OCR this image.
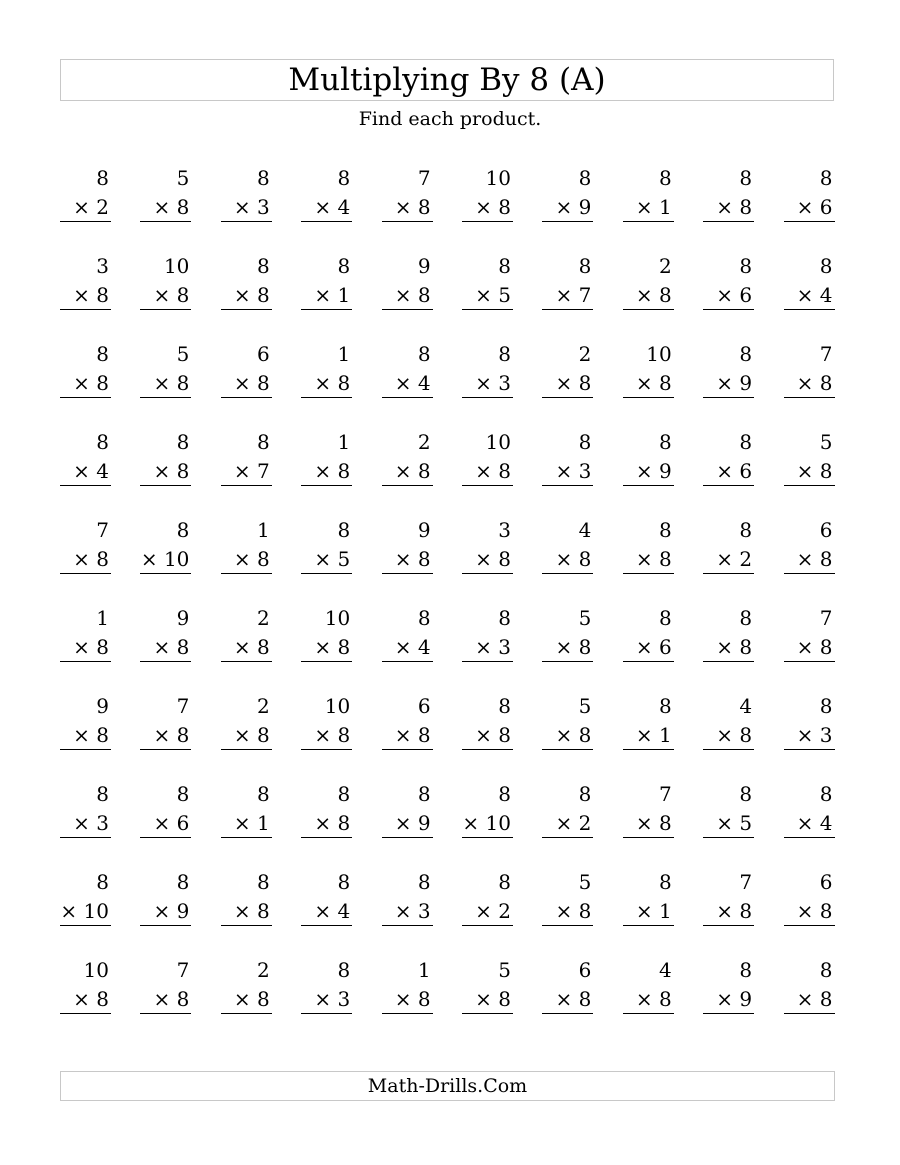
Multiplying By 8 (A)
Find each product.
8
× 2
5
× 8
8
× 3
8
× 4
7
× 8
10
× 8
8
× 9
8
× 1
8
× 8
8
× 6
3
× 8
10
× 8
8
× 8
8
× 1
9
× 8
8
× 5
8
× 7
2
× 8
8
× 6
8
× 4
8
× 8
5
× 8
6
× 8
1
× 8
8
× 4
8
× 3
2
× 8
10
× 8
8
× 9
7
× 8
8
× 4
8
× 8
8
× 7
1
× 8
2
× 8
10
× 8
8
× 3
8
× 9
8
× 6
5
× 8
7
× 8
8
× 10
1
× 8
8
× 5
9
× 8
3
× 8
4
× 8
8
× 8
8
× 2
6
× 8
1
× 8
9
× 8
2
× 8
10
× 8
8
× 4
8
× 3
5
× 8
8
× 6
8
× 8
7
× 8
9
× 8
7
× 8
2
× 8
10
× 8
6
× 8
8
× 8
5
× 8
8
× 1
4
× 8
8
× 3
8
× 3
8
× 6
8
× 1
8
× 8
8
× 9
8
× 10
8
× 2
7
× 8
8
× 5
8
× 4
8
× 10
8
× 9
8
× 8
8
× 4
8
× 3
8
× 2
5
× 8
8
× 1
7
× 8
6
× 8
10
× 8
7
× 8
2
× 8
8
× 3
1
× 8
5
× 8
6
× 8
4
× 8
8
× 9
8
× 8
Math-Drills.Com
